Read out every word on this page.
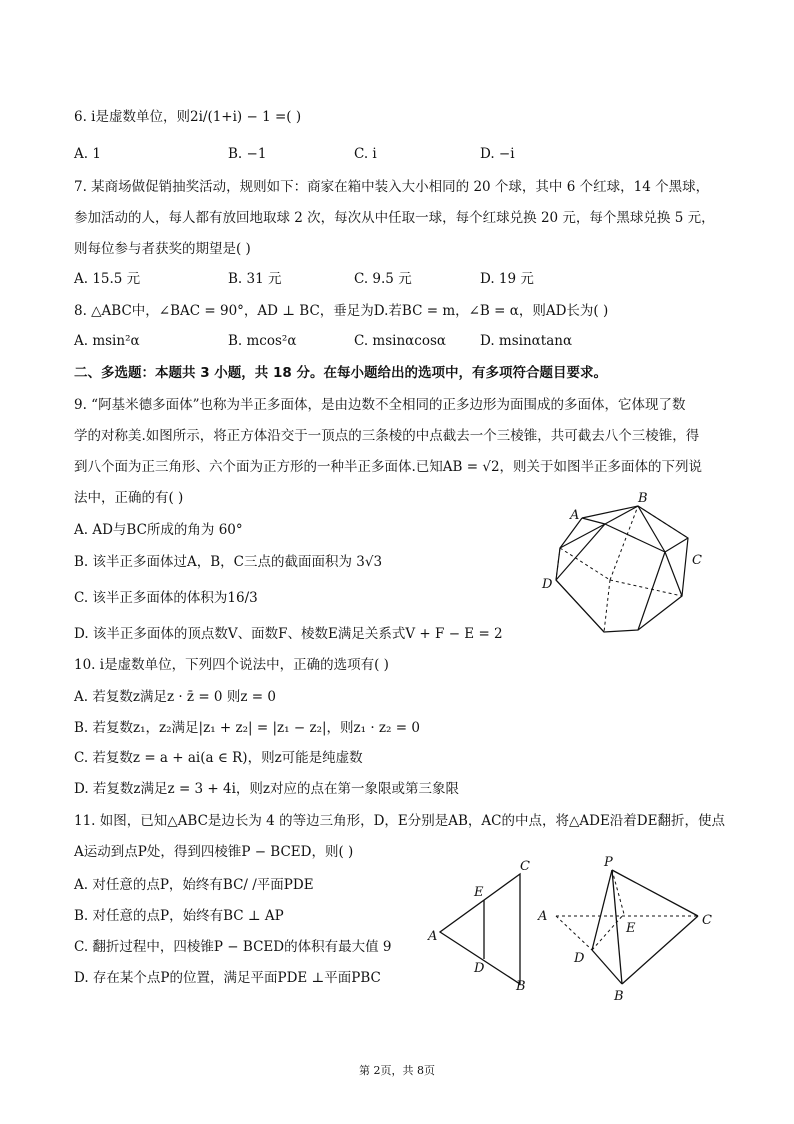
6. i是虚数单位，则2i/(1+i) − 1 =( )
A. 1	B. −1	C. i	D. −i
7. 某商场做促销抽奖活动，规则如下：商家在箱中装入大小相同的 20 个球，其中 6 个红球，14 个黑球，
参加活动的人，每人都有放回地取球 2 次，每次从中任取一球，每个红球兑换 20 元，每个黑球兑换 5 元，
则每位参与者获奖的期望是( )
A. 15.5 元	B. 31 元	C. 9.5 元	D. 19 元
8. △ABC中，∠BAC = 90°，AD ⊥ BC，垂足为D.若BC = m，∠B = α，则AD长为( )
A. msin²α	B. mcos²α	C. msinαcosα	D. msinαtanα
二、多选题：本题共 3 小题，共 18 分。在每小题给出的选项中，有多项符合题目要求。
9. “阿基米德多面体”也称为半正多面体，是由边数不全相同的正多边形为面围成的多面体，它体现了数
学的对称美.如图所示，将正方体沿交于一顶点的三条棱的中点截去一个三棱锥，共可截去八个三棱锥，得
到八个面为正三角形、六个面为正方形的一种半正多面体.已知AB = √2，则关于如图半正多面体的下列说
法中，正确的有( )
A. AD与BC所成的角为 60°
B. 该半正多面体过A，B，C三点的截面面积为 3√3
C. 该半正多面体的体积为16/3
D. 该半正多面体的顶点数V、面数F、棱数E满足关系式V + F − E = 2
A
B
C
D
10. i是虚数单位，下列四个说法中，正确的选项有( )
A. 若复数z满足z · z̄ = 0 则z = 0
B. 若复数z₁，z₂满足|z₁ + z₂| = |z₁ − z₂|，则z₁ · z₂ = 0
C. 若复数z = a + ai(a ∈ R)，则z可能是纯虚数
D. 若复数z满足z = 3 + 4i，则z对应的点在第一象限或第三象限
11. 如图，已知△ABC是边长为 4 的等边三角形，D，E分别是AB，AC的中点，将△ADE沿着DE翻折，使点
A运动到点P处，得到四棱锥P − BCED，则( )
A. 对任意的点P，始终有BC/ /平面PDE
B. 对任意的点P，始终有BC ⊥ AP
C. 翻折过程中，四棱锥P − BCED的体积有最大值 9
D. 存在某个点P的位置，满足平面PDE ⊥平面PBC
C
E
A
D
B
P
A
E
C
D
B
第 2页，共 8页
